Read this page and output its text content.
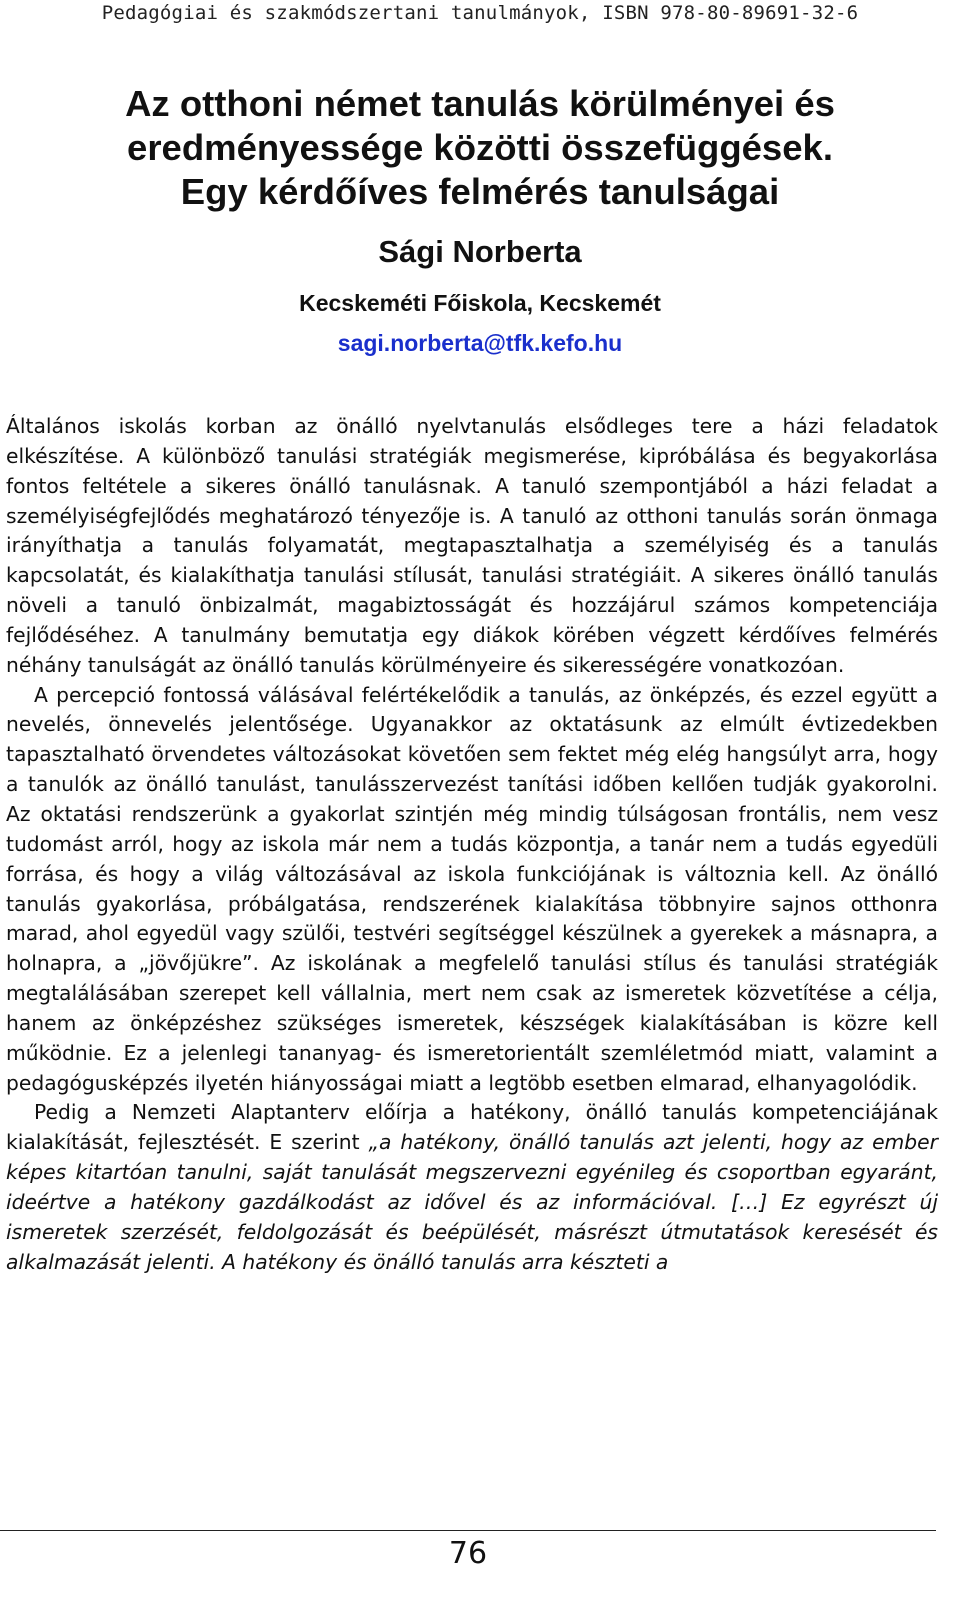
Pedagógiai és szakmódszertani tanulmányok, ISBN 978-80-89691-32-6
Az otthoni német tanulás körülményei és
eredményessége közötti összefüggések.
Egy kérdőíves felmérés tanulságai
Sági Norberta
Kecskeméti Főiskola, Kecskemét
sagi.norberta@tfk.kefo.hu

Általános iskolás korban az önálló nyelvtanulás elsődleges tere a házi feladatok elkészítése. A különböző tanulási stratégiák megismerése, kipróbálása és begyakorlása fontos feltétele a sikeres önálló tanulásnak. A tanuló szempontjából a házi feladat a személyiségfejlődés meghatározó tényezője is. A tanuló az otthoni tanulás során önmaga irányíthatja a tanulás folyamatát, megtapasztalhatja a személyiség és a tanulás kapcsolatát, és kialakíthatja tanulási stílusát, tanulási stratégiáit. A sikeres önálló tanulás növeli a tanuló önbizalmát, magabiztosságát és hozzájárul számos kompetenciája fejlődéséhez. A tanulmány bemutatja egy diákok körében végzett kérdőíves felmérés néhány tanulságát az önálló tanulás körülményeire és sikerességére vonatkozóan.

A percepció fontossá válásával felértékelődik a tanulás, az önképzés, és ezzel együtt a nevelés, önnevelés jelentősége. Ugyanakkor az oktatásunk az elmúlt évtizedekben tapasztalható örvendetes változásokat követően sem fektet még elég hangsúlyt arra, hogy a tanulók az önálló tanulást, tanulásszervezést tanítási időben kellően tudják gyakorolni. Az oktatási rendszerünk a gyakorlat szintjén még mindig túlságosan frontális, nem vesz tudomást arról, hogy az iskola már nem a tudás központja, a tanár nem a tudás egyedüli forrása, és hogy a világ változásával az iskola funkciójának is változnia kell. Az önálló tanulás gyakorlása, próbálgatása, rendszerének kialakítása többnyire sajnos otthonra marad, ahol egyedül vagy szülői, testvéri segítséggel készülnek a gyerekek a másnapra, a holnapra, a „jövőjükre”. Az iskolának a megfelelő tanulási stílus és tanulási stratégiák megtalálásában szerepet kell vállalnia, mert nem csak az ismeretek közvetítése a célja, hanem az önképzéshez szükséges ismeretek, készségek kialakításában is közre kell működnie. Ez a jelenlegi tananyag- és ismeretorientált szemléletmód miatt, valamint a pedagógusképzés ilyetén hiányosságai miatt a legtöbb esetben elmarad, elhanyagolódik.

Pedig a Nemzeti Alaptanterv előírja a hatékony, önálló tanulás kompetenciájának kialakítását, fejlesztését. E szerint „a hatékony, önálló tanulás azt jelenti, hogy az ember képes kitartóan tanulni, saját tanulását megszervezni egyénileg és csoportban egyaránt, ideértve a hatékony gazdálkodást az idővel és az információval. […] Ez egyrészt új ismeretek szerzését, feldolgozását és beépülését, másrészt útmutatások keresését és alkalmazását jelenti. A hatékony és önálló tanulás arra készteti a

76
